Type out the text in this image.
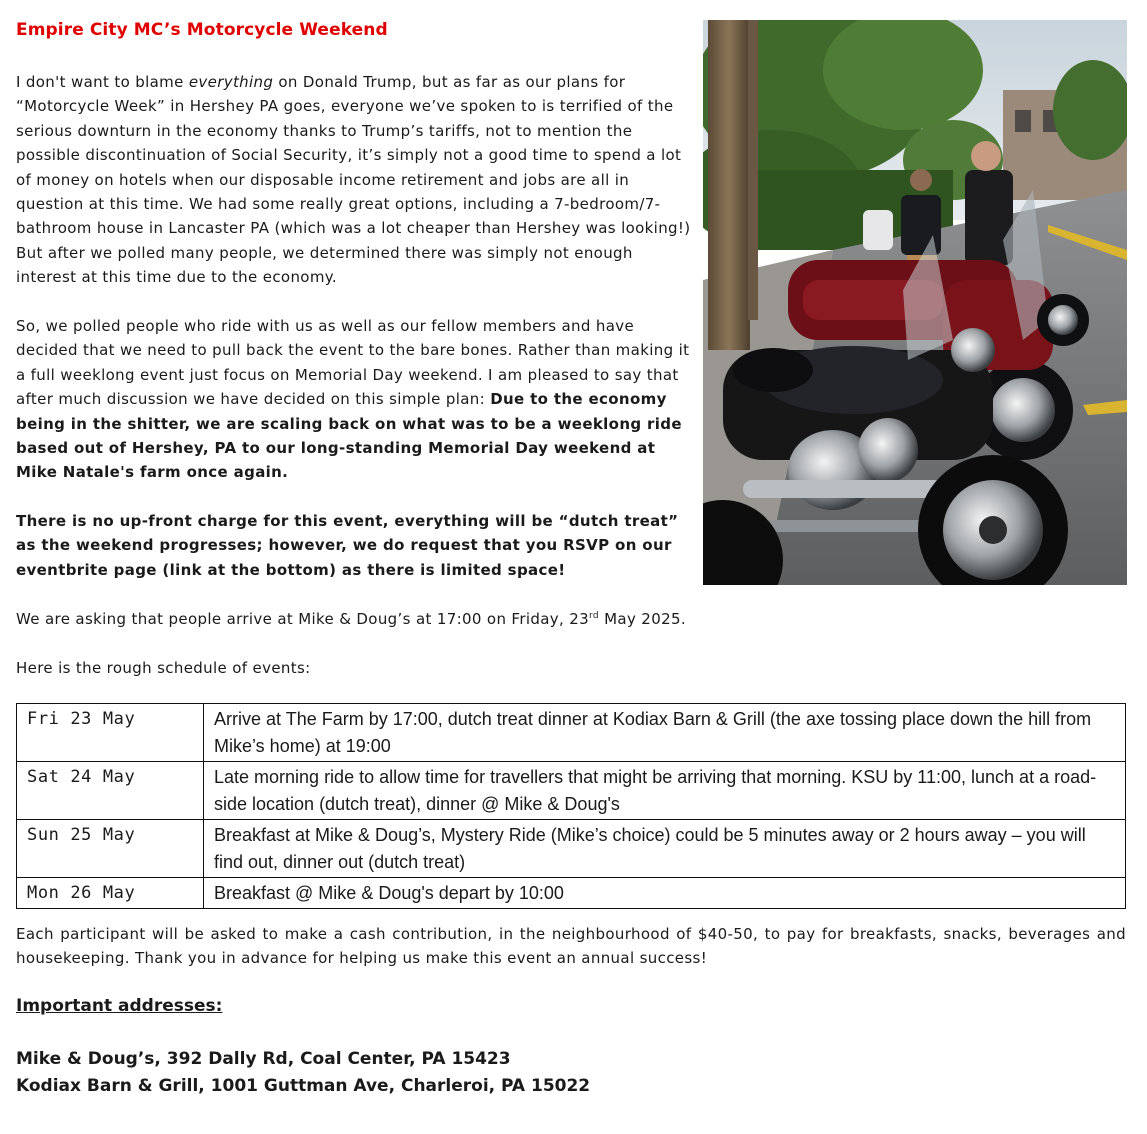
Empire City MC’s Motorcycle Weekend

I don't want to blame everything on Donald Trump, but as far as our plans for “Motorcycle Week” in Hershey PA goes, everyone we’ve spoken to is terrified of the serious downturn in the economy thanks to Trump’s tariffs, not to mention the possible discontinuation of Social Security, it’s simply not a good time to spend a lot of money on hotels when our disposable income retirement and jobs are all in question at this time. We had some really great options, including a 7-bedroom/7-bathroom house in Lancaster PA (which was a lot cheaper than Hershey was looking!) But after we polled many people, we determined there was simply not enough interest at this time due to the economy.

So, we polled people who ride with us as well as our fellow members and have decided that we need to pull back the event to the bare bones. Rather than making it a full weeklong event just focus on Memorial Day weekend. I am pleased to say that after much discussion we have decided on this simple plan: Due to the economy being in the shitter, we are scaling back on what was to be a weeklong ride based out of Hershey, PA to our long-standing Memorial Day weekend at Mike Natale's farm once again.

There is no up-front charge for this event, everything will be “dutch treat” as the weekend progresses; however, we do request that you RSVP on our eventbrite page (link at the bottom) as there is limited space!

We are asking that people arrive at Mike & Doug’s at 17:00 on Friday, 23rd May 2025.

Here is the rough schedule of events:

Fri 23 May	Arrive at The Farm by 17:00, dutch treat dinner at Kodiax Barn & Grill (the axe tossing place down the hill from Mike’s home) at 19:00
Sat 24 May	Late morning ride to allow time for travellers that might be arriving that morning. KSU by 11:00, lunch at a road-side location (dutch treat), dinner @ Mike & Doug's
Sun 25 May	Breakfast at Mike & Doug’s, Mystery Ride (Mike’s choice) could be 5 minutes away or 2 hours away – you will find out, dinner out (dutch treat)
Mon 26 May	Breakfast @ Mike & Doug's depart by 10:00

Each participant will be asked to make a cash contribution, in the neighbourhood of $40-50, to pay for breakfasts, snacks, beverages and housekeeping. Thank you in advance for helping us make this event an annual success!

Important addresses:

Mike & Doug’s, 392 Dally Rd, Coal Center, PA 15423

Kodiax Barn & Grill, 1001 Guttman Ave, Charleroi, PA 15022
